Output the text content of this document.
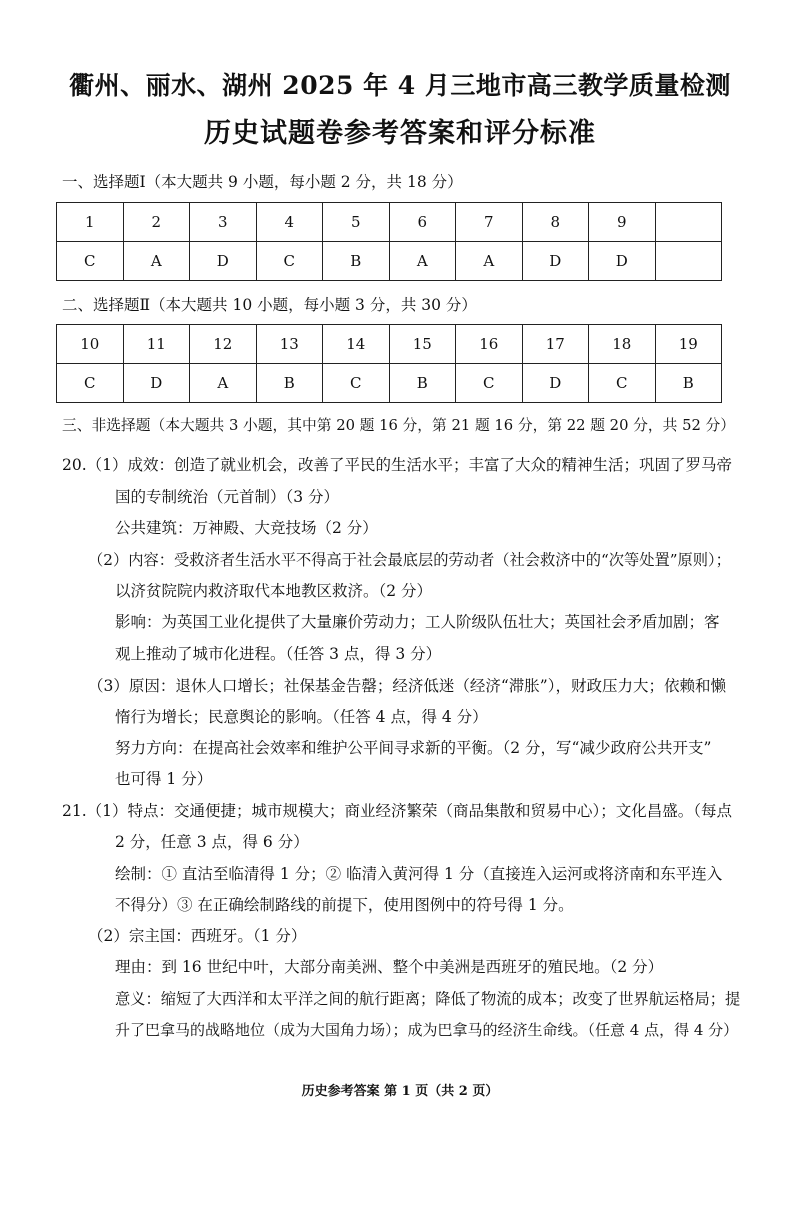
衢州、丽水、湖州 2025 年 4 月三地市高三教学质量检测
历史试题卷参考答案和评分标准
一、选择题Ⅰ（本大题共 9 小题，每小题 2 分，共 18 分）
1	2	3	4	5	6	7	8	9	
C	A	D	C	B	A	A	D	D	
二、选择题Ⅱ（本大题共 10 小题，每小题 3 分，共 30 分）
10	11	12	13	14	15	16	17	18	19
C	D	A	B	C	B	C	D	C	B
三、非选择题（本大题共 3 小题，其中第 20 题 16 分，第 21 题 16 分，第 22 题 20 分，共 52 分）
20.（1）成效：创造了就业机会，改善了平民的生活水平；丰富了大众的精神生活；巩固了罗马帝
国的专制统治（元首制）（3 分）
公共建筑：万神殿、大竞技场（2 分）
（2）内容：受救济者生活水平不得高于社会最底层的劳动者（社会救济中的“次等处置”原则）；
以济贫院院内救济取代本地教区救济。（2 分）
影响：为英国工业化提供了大量廉价劳动力；工人阶级队伍壮大；英国社会矛盾加剧；客
观上推动了城市化进程。（任答 3 点，得 3 分）
（3）原因：退休人口增长；社保基金告罄；经济低迷（经济“滞胀”），财政压力大；依赖和懒
惰行为增长；民意舆论的影响。（任答 4 点，得 4 分）
努力方向：在提高社会效率和维护公平间寻求新的平衡。（2 分，写“减少政府公共开支”
也可得 1 分）
21.（1）特点：交通便捷；城市规模大；商业经济繁荣（商品集散和贸易中心）；文化昌盛。（每点
2 分，任意 3 点，得 6 分）
绘制：① 直沽至临清得 1 分；② 临清入黄河得 1 分（直接连入运河或将济南和东平连入
不得分）③ 在正确绘制路线的前提下，使用图例中的符号得 1 分。
（2）宗主国：西班牙。（1 分）
理由：到 16 世纪中叶，大部分南美洲、整个中美洲是西班牙的殖民地。（2 分）
意义：缩短了大西洋和太平洋之间的航行距离；降低了物流的成本；改变了世界航运格局；提
升了巴拿马的战略地位（成为大国角力场）；成为巴拿马的经济生命线。（任意 4 点，得 4 分）
历史参考答案 第 1 页（共 2 页）
